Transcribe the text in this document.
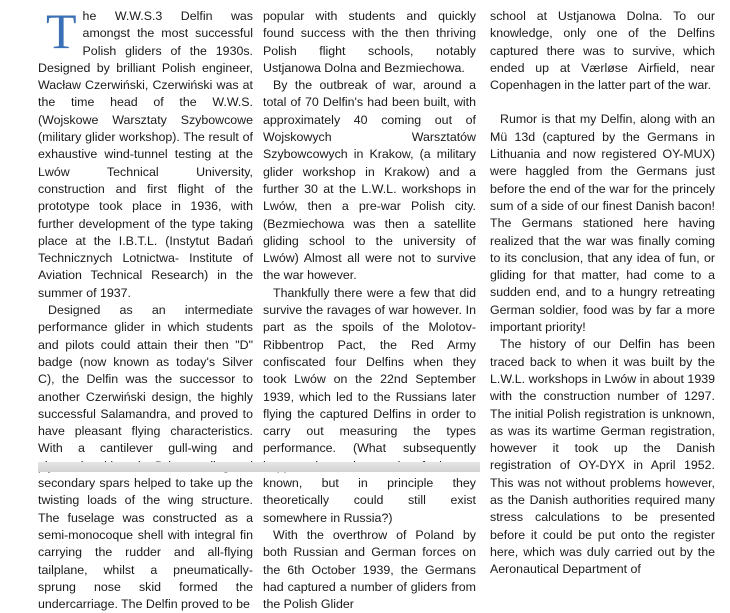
The W.W.S.3 Delfin was amongst the most successful Polish gliders of the 1930s. Designed by brilliant Polish engineer, Wacław Czerwiński, Czerwiński was at the time head of the W.W.S. (Wojskowe Warsztaty Szybowcowe (military glider workshop). The result of exhaustive wind-tunnel testing at the Lwów Technical University, construction and first flight of the prototype took place in 1936, with further development of the type taking place at the I.B.T.L. (Instytut Badań Technicznych Lotnictwa- Institute of Aviation Technical Research) in the summer of 1937.

Designed as an intermediate performance glider in which students and pilots could attain their then "D" badge (now known as today's Silver C), the Delfin was the successor to another Czerwiński design, the highly successful Salamandra, and proved to have pleasant flying characteristics. With a cantilever gull-wing and secondary spars helped to take up the twisting loads of the wing structure. The fuselage was constructed as a semi-monocoque shell with integral fin carrying the rudder and all-flying tailplane, whilst a pneumatically-sprung nose skid formed the undercarriage. The Delfin proved to be

popular with students and quickly found success with the then thriving Polish flight schools, notably Ustjanowa Dolna and Bezmiechowa.

By the outbreak of war, around a total of 70 Delfin's had been built, with approximately 40 coming out of Wojskowych Warsztatów Szybowcowych in Krakow, (a military glider workshop in Krakow) and a further 30 at the L.W.L. workshops in Lwów, then a pre-war Polish city. (Bezmiechowa was then a satellite gliding school to the university of Lwów) Almost all were not to survive the war however.

Thankfully there were a few that did survive the ravages of war however. In part as the spoils of the Molotov-Ribbentrop Pact, the Red Army confiscated four Delfins when they took Lwów on the 22nd September 1939, which led to the Russians later flying the captured Delfins in order to carry out measuring the types performance. (What subsequently known, but in principle they theoretically could still exist somewhere in Russia?)

With the overthrow of Poland by both Russian and German forces on the 6th October 1939, the Germans had captured a number of gliders from the Polish Glider

school at Ustjanowa Dolna. To our knowledge, only one of the Delfins captured there was to survive, which ended up at Værløse Airfield, near Copenhagen in the latter part of the war.

Rumor is that my Delfin, along with an Mü 13d (captured by the Germans in Lithuania and now registered OY-MUX) were haggled from the Germans just before the end of the war for the princely sum of a side of our finest Danish bacon! The Germans stationed here having realized that the war was finally coming to its conclusion, that any idea of fun, or gliding for that matter, had come to a sudden end, and to a hungry retreating German soldier, food was by far a more important priority!

The history of our Delfin has been traced back to when it was built by the L.W.L. workshops in Lwów in about 1939 with the construction number of 1297. The initial Polish registration is unknown, as was its wartime German registration, however it took up the Danish registration of OY-DYX in April 1952. This was not without problems however, as the Danish authorities required many stress calculations to be presented before it could be put onto the register here, which was duly carried out by the Aeronautical Department of
